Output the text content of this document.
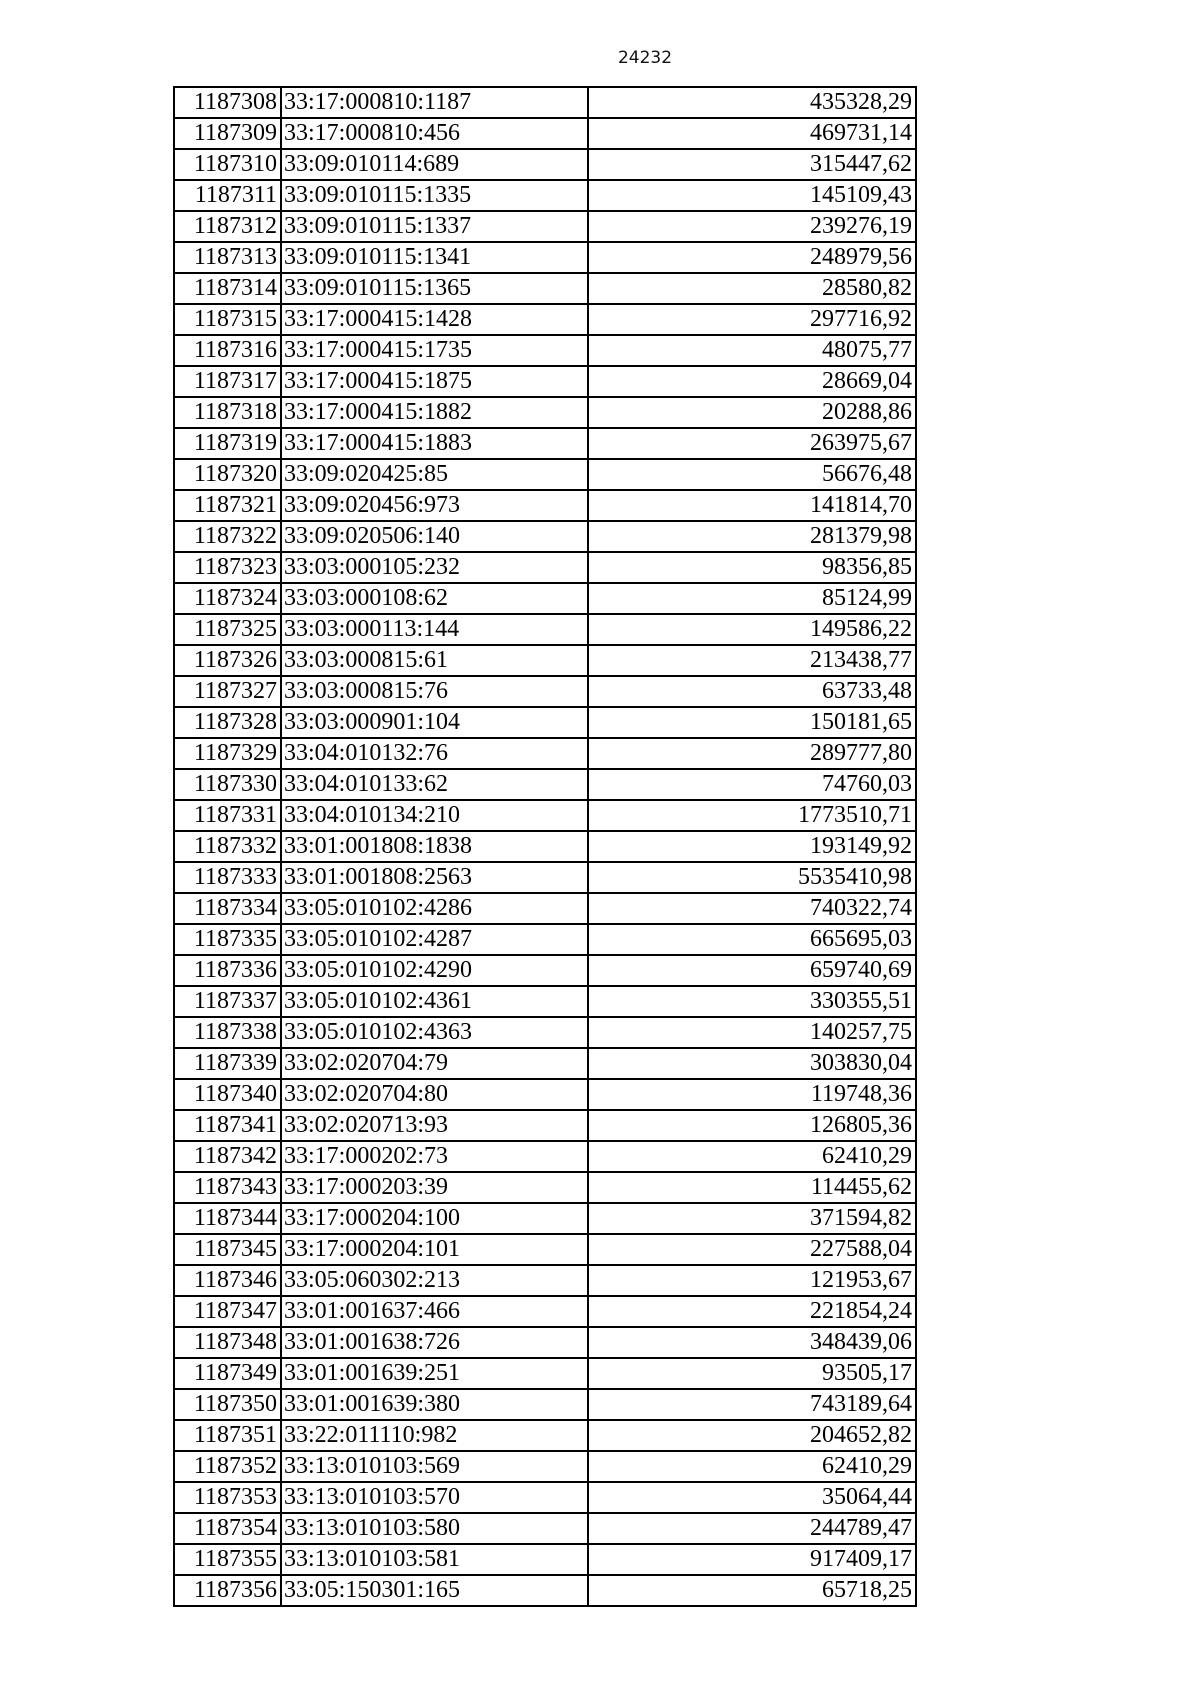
24232
1187308	33:17:000810:1187	435328,29
1187309	33:17:000810:456	469731,14
1187310	33:09:010114:689	315447,62
1187311	33:09:010115:1335	145109,43
1187312	33:09:010115:1337	239276,19
1187313	33:09:010115:1341	248979,56
1187314	33:09:010115:1365	28580,82
1187315	33:17:000415:1428	297716,92
1187316	33:17:000415:1735	48075,77
1187317	33:17:000415:1875	28669,04
1187318	33:17:000415:1882	20288,86
1187319	33:17:000415:1883	263975,67
1187320	33:09:020425:85	56676,48
1187321	33:09:020456:973	141814,70
1187322	33:09:020506:140	281379,98
1187323	33:03:000105:232	98356,85
1187324	33:03:000108:62	85124,99
1187325	33:03:000113:144	149586,22
1187326	33:03:000815:61	213438,77
1187327	33:03:000815:76	63733,48
1187328	33:03:000901:104	150181,65
1187329	33:04:010132:76	289777,80
1187330	33:04:010133:62	74760,03
1187331	33:04:010134:210	1773510,71
1187332	33:01:001808:1838	193149,92
1187333	33:01:001808:2563	5535410,98
1187334	33:05:010102:4286	740322,74
1187335	33:05:010102:4287	665695,03
1187336	33:05:010102:4290	659740,69
1187337	33:05:010102:4361	330355,51
1187338	33:05:010102:4363	140257,75
1187339	33:02:020704:79	303830,04
1187340	33:02:020704:80	119748,36
1187341	33:02:020713:93	126805,36
1187342	33:17:000202:73	62410,29
1187343	33:17:000203:39	114455,62
1187344	33:17:000204:100	371594,82
1187345	33:17:000204:101	227588,04
1187346	33:05:060302:213	121953,67
1187347	33:01:001637:466	221854,24
1187348	33:01:001638:726	348439,06
1187349	33:01:001639:251	93505,17
1187350	33:01:001639:380	743189,64
1187351	33:22:011110:982	204652,82
1187352	33:13:010103:569	62410,29
1187353	33:13:010103:570	35064,44
1187354	33:13:010103:580	244789,47
1187355	33:13:010103:581	917409,17
1187356	33:05:150301:165	65718,25
